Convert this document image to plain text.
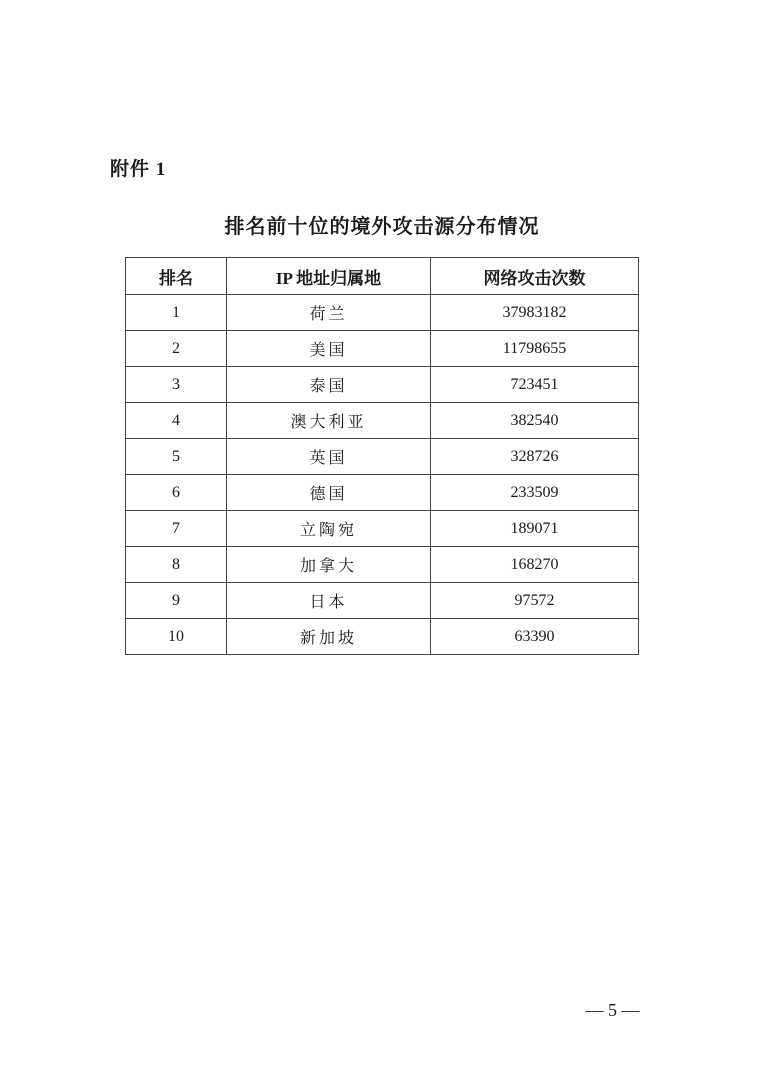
附件 1
排名前十位的境外攻击源分布情况
排名	IP 地址归属地	网络攻击次数
1	荷兰	37983182
2	美国	11798655
3	泰国	723451
4	澳大利亚	382540
5	英国	328726
6	德国	233509
7	立陶宛	189071
8	加拿大	168270
9	日本	97572
10	新加坡	63390
— 5 —
